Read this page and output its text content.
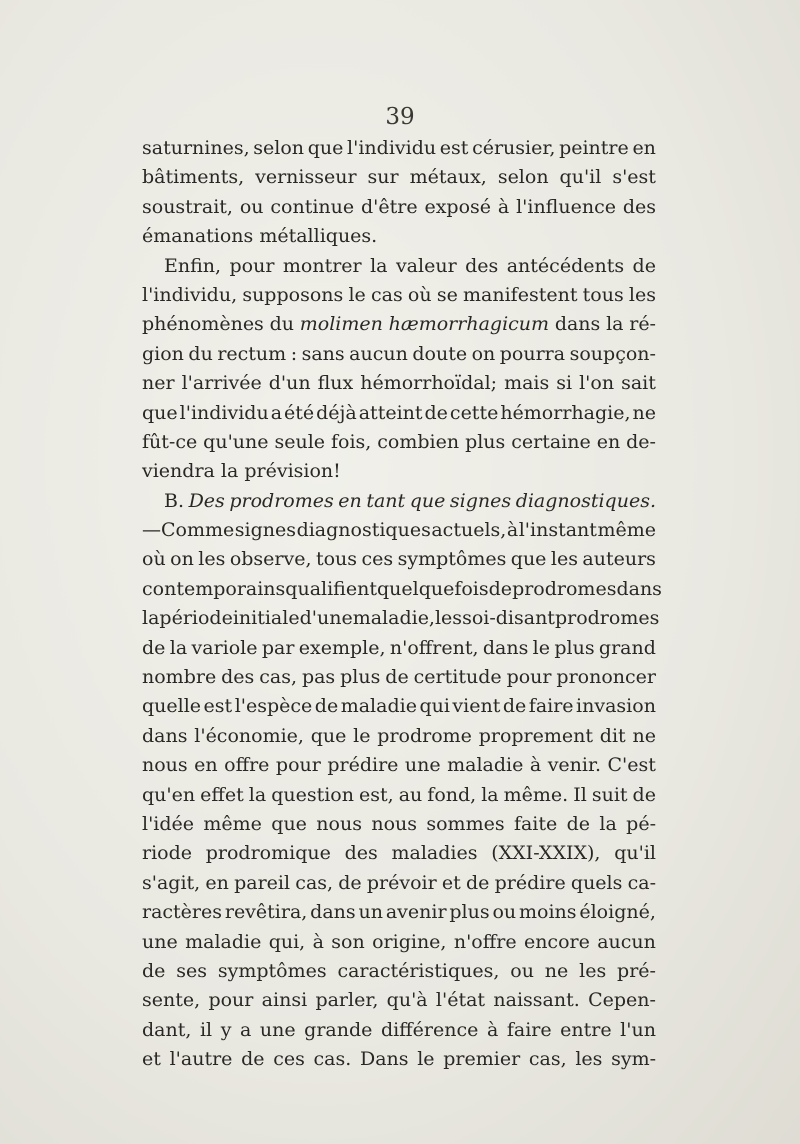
39
saturnines, selon que l'individu est cérusier, peintre en
bâtiments, vernisseur sur métaux, selon qu'il s'est
soustrait, ou continue d'être exposé à l'influence des
émanations métalliques.
Enfin, pour montrer la valeur des antécédents de
l'individu, supposons le cas où se manifestent tous les
phénomènes du molimen hæmorrhagicum dans la ré-
gion du rectum : sans aucun doute on pourra soupçon-
ner l'arrivée d'un flux hémorrhoïdal; mais si l'on sait
que l'individu a été déjà atteint de cette hémorrhagie, ne
fût-ce qu'une seule fois, combien plus certaine en de-
viendra la prévision!
B. Des prodromes en tant que signes diagnostiques.
—Comme signes diagnostiques actuels, à l'instant même
où on les observe, tous ces symptômes que les auteurs
contemporains qualifient quelquefois de prodromes dans
la période initiale d'une maladie, les soi-disant prodromes
de la variole par exemple, n'offrent, dans le plus grand
nombre des cas, pas plus de certitude pour prononcer
quelle est l'espèce de maladie qui vient de faire invasion
dans l'économie, que le prodrome proprement dit ne
nous en offre pour prédire une maladie à venir. C'est
qu'en effet la question est, au fond, la même. Il suit de
l'idée même que nous nous sommes faite de la pé-
riode prodromique des maladies (XXI-XXIX), qu'il
s'agit, en pareil cas, de prévoir et de prédire quels ca-
ractères revêtira, dans un avenir plus ou moins éloigné,
une maladie qui, à son origine, n'offre encore aucun
de ses symptômes caractéristiques, ou ne les pré-
sente, pour ainsi parler, qu'à l'état naissant. Cepen-
dant, il y a une grande différence à faire entre l'un
et l'autre de ces cas. Dans le premier cas, les sym-
